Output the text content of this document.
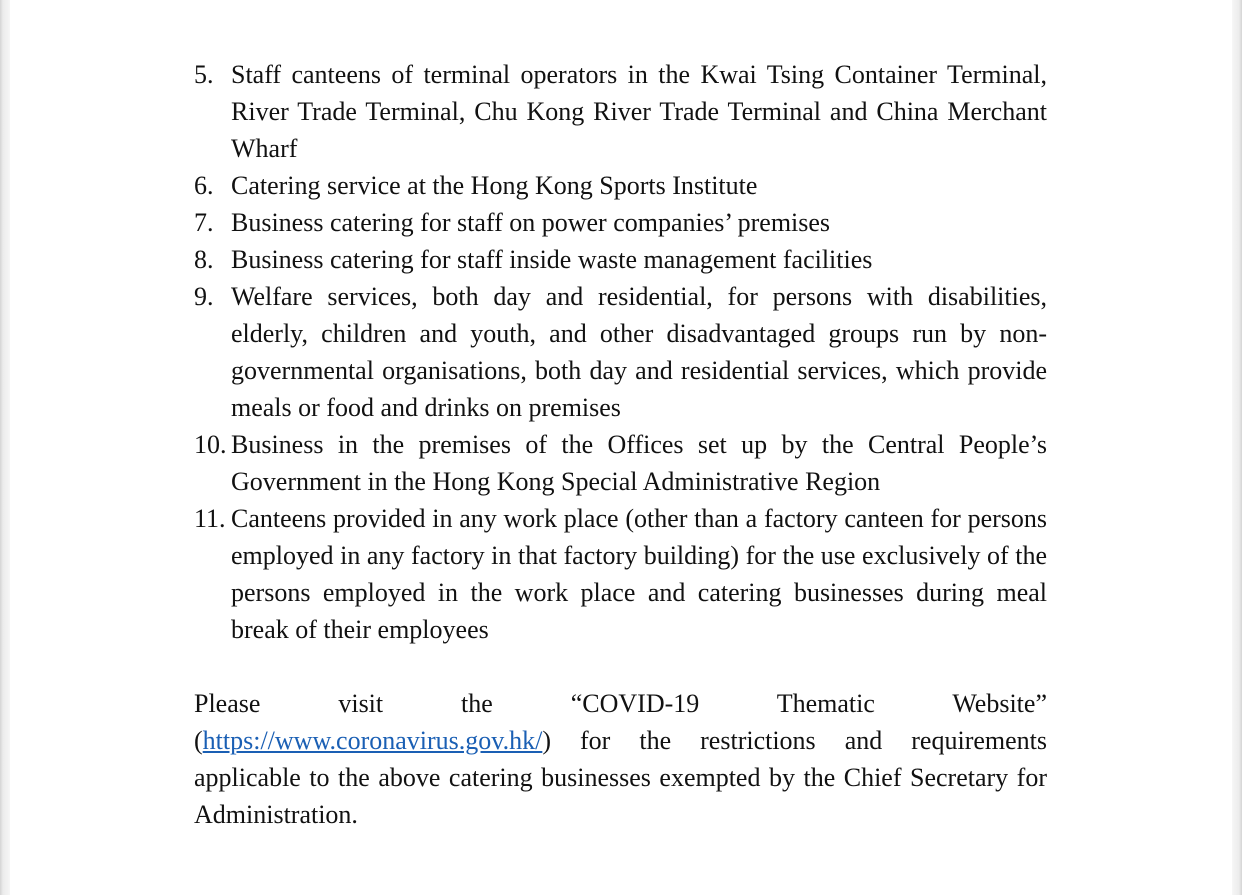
5. Staff canteens of terminal operators in the Kwai Tsing Container Terminal, River Trade Terminal, Chu Kong River Trade Terminal and China Merchant Wharf
6. Catering service at the Hong Kong Sports Institute
7. Business catering for staff on power companies’ premises
8. Business catering for staff inside waste management facilities
9. Welfare services, both day and residential, for persons with disabilities, elderly, children and youth, and other disadvantaged groups run by non-governmental organisations, both day and residential services, which provide meals or food and drinks on premises
10. Business in the premises of the Offices set up by the Central People’s Government in the Hong Kong Special Administrative Region
11. Canteens provided in any work place (other than a factory canteen for persons employed in any factory in that factory building) for the use exclusively of the persons employed in the work place and catering businesses during meal break of their employees

Please visit the “COVID-19 Thematic Website” (https://www.coronavirus.gov.hk/) for the restrictions and requirements applicable to the above catering businesses exempted by the Chief Secretary for Administration.
